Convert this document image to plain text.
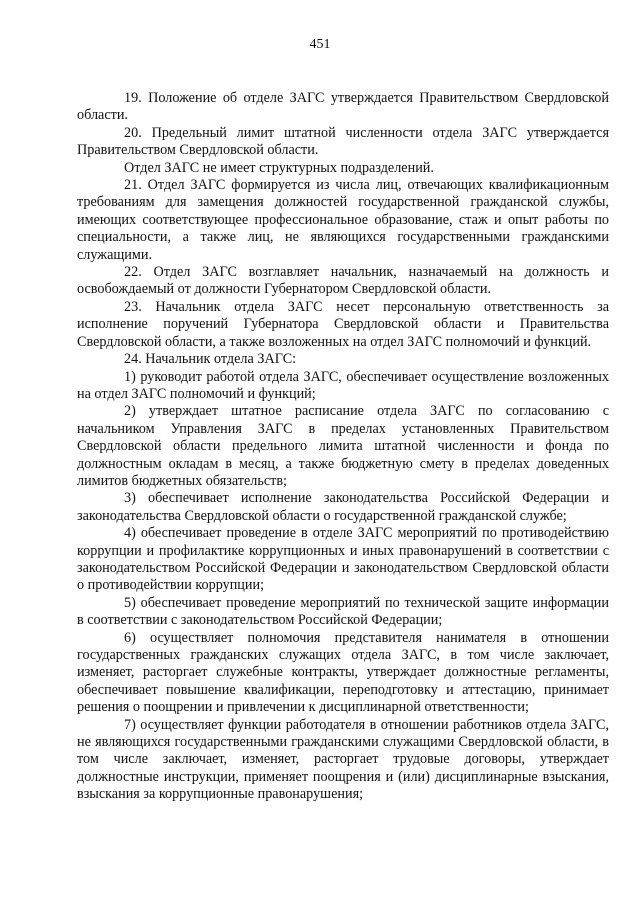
451

19. Положение об отделе ЗАГС утверждается Правительством Свердловской области.

20. Предельный лимит штатной численности отдела ЗАГС утверждается Правительством Свердловской области.

Отдел ЗАГС не имеет структурных подразделений.

21. Отдел ЗАГС формируется из числа лиц, отвечающих квалификационным требованиям для замещения должностей государственной гражданской службы, имеющих соответствующее профессиональное образование, стаж и опыт работы по специальности, а также лиц, не являющихся государственными гражданскими служащими.

22. Отдел ЗАГС возглавляет начальник, назначаемый на должность и освобождаемый от должности Губернатором Свердловской области.

23. Начальник отдела ЗАГС несет персональную ответственность за исполнение поручений Губернатора Свердловской области и Правительства Свердловской области, а также возложенных на отдел ЗАГС полномочий и функций.

24. Начальник отдела ЗАГС:

1) руководит работой отдела ЗАГС, обеспечивает осуществление возложенных на отдел ЗАГС полномочий и функций;

2) утверждает штатное расписание отдела ЗАГС по согласованию с начальником Управления ЗАГС в пределах установленных Правительством Свердловской области предельного лимита штатной численности и фонда по должностным окладам в месяц, а также бюджетную смету в пределах доведенных лимитов бюджетных обязательств;

3) обеспечивает исполнение законодательства Российской Федерации и законодательства Свердловской области о государственной гражданской службе;

4) обеспечивает проведение в отделе ЗАГС мероприятий по противодействию коррупции и профилактике коррупционных и иных правонарушений в соответствии с законодательством Российской Федерации и законодательством Свердловской области о противодействии коррупции;

5) обеспечивает проведение мероприятий по технической защите информации в соответствии с законодательством Российской Федерации;

6) осуществляет полномочия представителя нанимателя в отношении государственных гражданских служащих отдела ЗАГС, в том числе заключает, изменяет, расторгает служебные контракты, утверждает должностные регламенты, обеспечивает повышение квалификации, переподготовку и аттестацию, принимает решения о поощрении и привлечении к дисциплинарной ответственности;

7) осуществляет функции работодателя в отношении работников отдела ЗАГС, не являющихся государственными гражданскими служащими Свердловской области, в том числе заключает, изменяет, расторгает трудовые договоры, утверждает должностные инструкции, применяет поощрения и (или) дисциплинарные взыскания, взыскания за коррупционные правонарушения;
